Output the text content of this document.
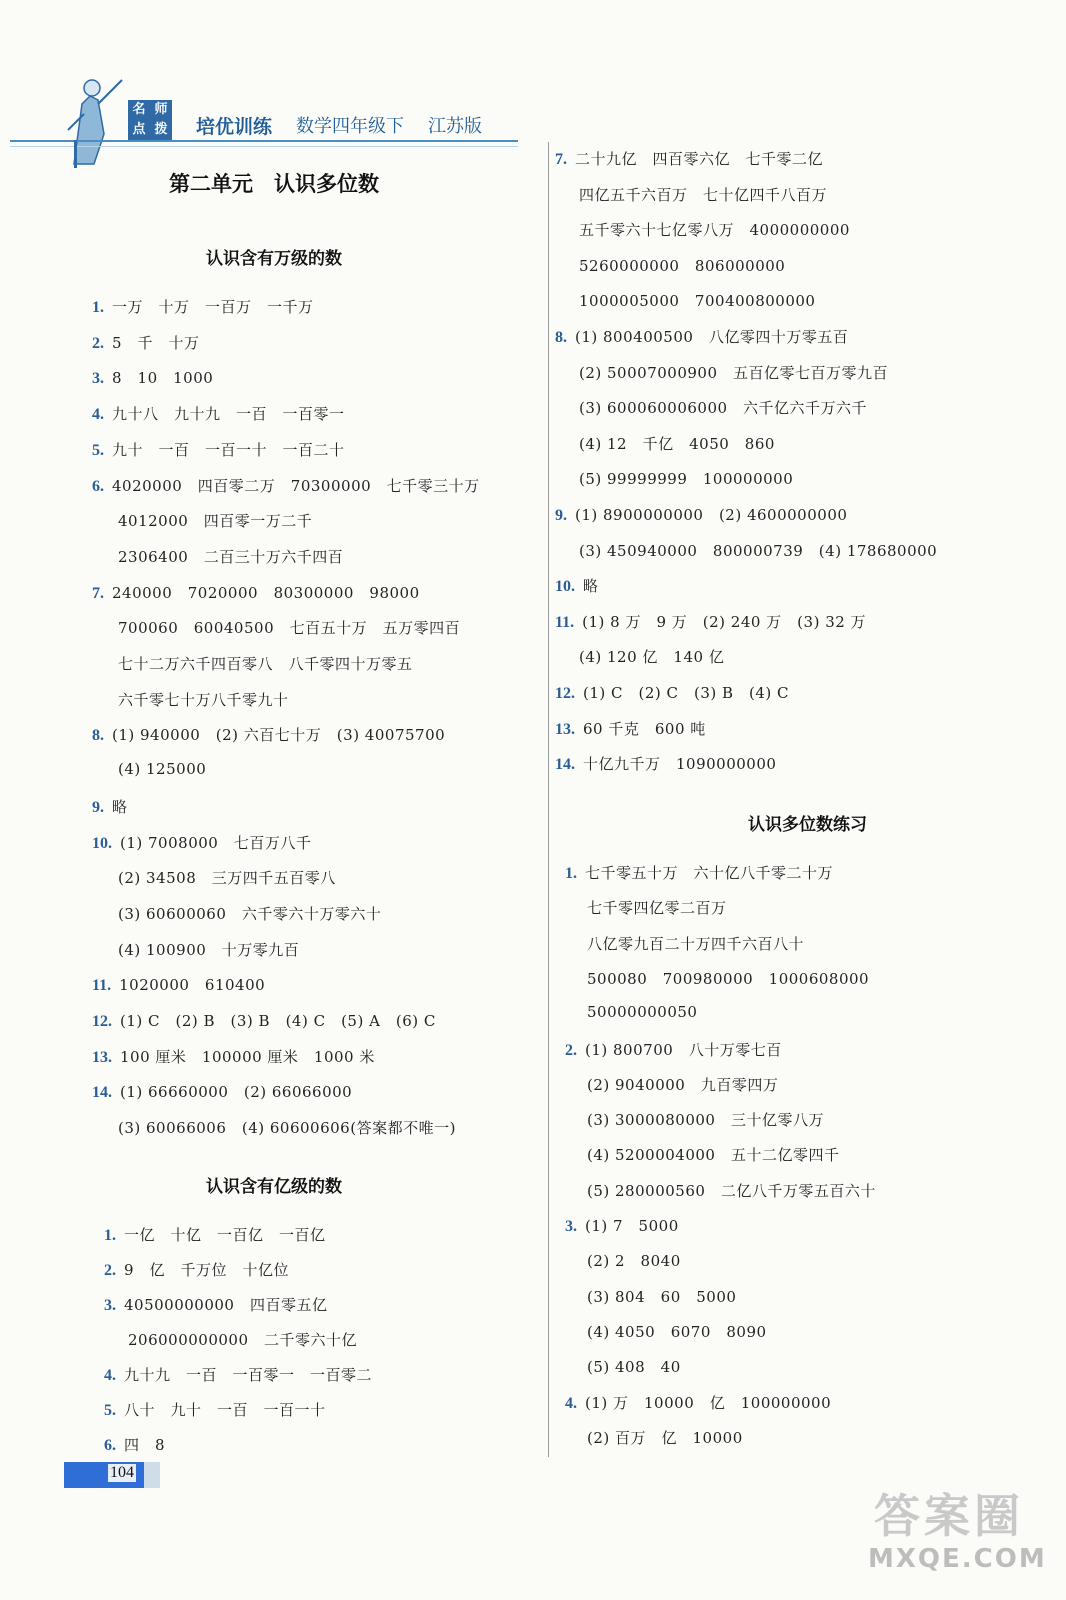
名 师
点 拨 培优训练 数学四年级下 江苏版
第二单元　认识多位数
认识含有万级的数
1. 一万　十万　一百万　一千万
2. 5　千　十万
3. 8　10　1000
4. 九十八　九十九　一百　一百零一
5. 九十　一百　一百一十　一百二十
6. 4020000　四百零二万　70300000　七千零三十万
4012000　四百零一万二千
2306400　二百三十万六千四百
7. 240000　7020000　80300000　98000
700060　60040500　七百五十万　五万零四百
七十二万六千四百零八　八千零四十万零五
六千零七十万八千零九十
8. (1) 940000　(2) 六百七十万　(3) 40075700
(4) 125000
9. 略
10. (1) 7008000　七百万八千
(2) 34508　三万四千五百零八
(3) 60600060　六千零六十万零六十
(4) 100900　十万零九百
11. 1020000　610400
12. (1) C　(2) B　(3) B　(4) C　(5) A　(6) C
13. 100 厘米　100000 厘米　1000 米
14. (1) 66660000　(2) 66066000
(3) 60066006　(4) 60600606(答案都不唯一)
认识含有亿级的数
1. 一亿　十亿　一百亿　一百亿
2. 9　亿　千万位　十亿位
3. 40500000000　四百零五亿
206000000000　二千零六十亿
4. 九十九　一百　一百零一　一百零二
5. 八十　九十　一百　一百一十
6. 四　8
7. 二十九亿　四百零六亿　七千零二亿
四亿五千六百万　七十亿四千八百万
五千零六十七亿零八万　4000000000
5260000000　806000000
1000005000　700400800000
8. (1) 800400500　八亿零四十万零五百
(2) 50007000900　五百亿零七百万零九百
(3) 600060006000　六千亿六千万六千
(4) 12　千亿　4050　860
(5) 99999999　100000000
9. (1) 8900000000　(2) 4600000000
(3) 450940000　800000739　(4) 178680000
10. 略
11. (1) 8 万　9 万　(2) 240 万　(3) 32 万
(4) 120 亿　140 亿
12. (1) C　(2) C　(3) B　(4) C
13. 60 千克　600 吨
14. 十亿九千万　1090000000
认识多位数练习
1. 七千零五十万　六十亿八千零二十万
七千零四亿零二百万
八亿零九百二十万四千六百八十
500080　700980000　1000608000
50000000050
2. (1) 800700　八十万零七百
(2) 9040000　九百零四万
(3) 3000080000　三十亿零八万
(4) 5200004000　五十二亿零四千
(5) 280000560　二亿八千万零五百六十
3. (1) 7　5000
(2) 2　8040
(3) 804　60　5000
(4) 4050　6070　8090
(5) 408　40
4. (1) 万　10000　亿　100000000
(2) 百万　亿　10000
104
答案圈
MXQE.COM
